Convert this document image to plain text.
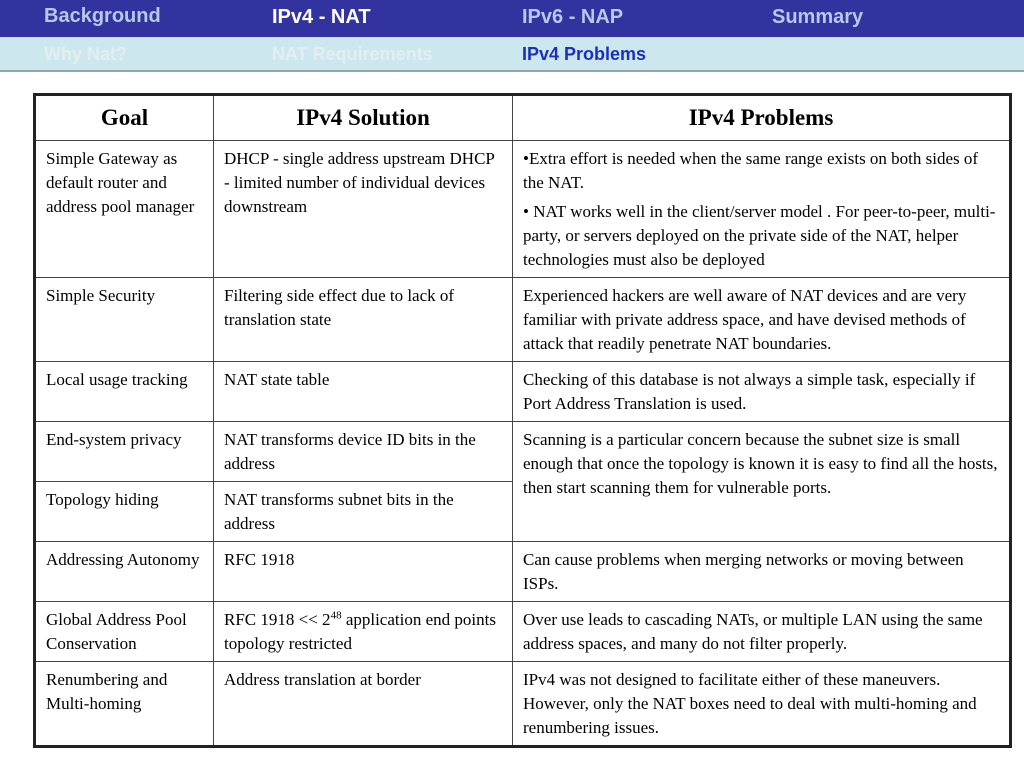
Background	IPv4 - NAT	IPv6 - NAP	Summary
Why Nat?	NAT Requirements	IPv4 Problems
Goal	IPv4 Solution	IPv4 Problems
Simple Gateway as default router and address pool manager	DHCP - single address upstream DHCP - limited number of individual devices downstream	•Extra effort is needed when the same range exists on both sides of the NAT.

• NAT works well in the client/server model . For peer-to-peer, multi- party, or servers deployed on the private side of the NAT, helper technologies must also be deployed

Simple Security	Filtering side effect due to lack of translation state	Experienced hackers are well aware of NAT devices and are very familiar with private address space, and have devised methods of attack that readily penetrate NAT boundaries.
Local usage tracking	NAT state table	Checking of this database is not always a simple task, especially if Port Address Translation is used.
End-system privacy	NAT transforms device ID bits in the address	Scanning is a particular concern because the subnet size is small enough that once the topology is known it is easy to find all the hosts, then start scanning them for vulnerable ports.
Topology hiding	NAT transforms subnet bits in the address	
Addressing Autonomy	RFC 1918	Can cause problems when merging networks or moving between ISPs.
Global Address Pool Conservation	RFC $1918 << 2^{48}$ application end points topology restricted	Over use leads to cascading NATs, or multiple LAN using the same address spaces, and many do not filter properly.
Renumbering and Multi-homing	Address translation at border	IPv4 was not designed to facilitate either of these maneuvers. However, only the NAT boxes need to deal with multi-homing and renumbering issues.
